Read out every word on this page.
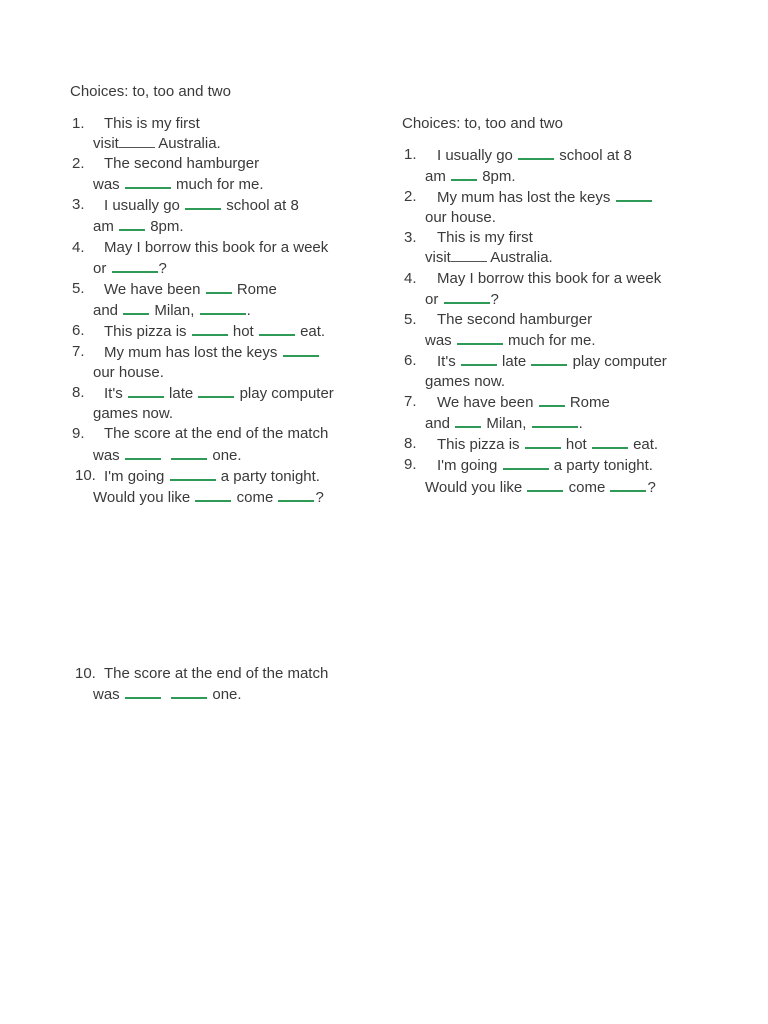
Choices: to, too and two
1.	This is my first
visit	Australia.
2.	The second hamburger
was	much for me.
3.	I usually go	school at 8
am 8pm.
4.	May I borrow this book for a week
or	?
5.	We have been Rome
and Milan,	.
6.	This pizza is	hot	eat.
7.	My mum has lost the keys
our house.
8.	It's	late	play computer
games now.
9.	The score at the end of the match
was	one.
10. I'm going	a party tonight.
Would you like	come	?
10. The score at the end of the match
was	one.
Choices: to, too and two
1.	I usually go	school at 8
am 8pm.
2.	My mum has lost the keys
our house.
3.	This is my first
visit	Australia.
4.	May I borrow this book for a week
or	?
5.	The second hamburger
was	much for me.
6.	It's	late	play computer
games now.
7.	We have been Rome
and Milan,	.
8.	This pizza is	hot	eat.
9.	I'm going	a party tonight.
Would you like	come	?
